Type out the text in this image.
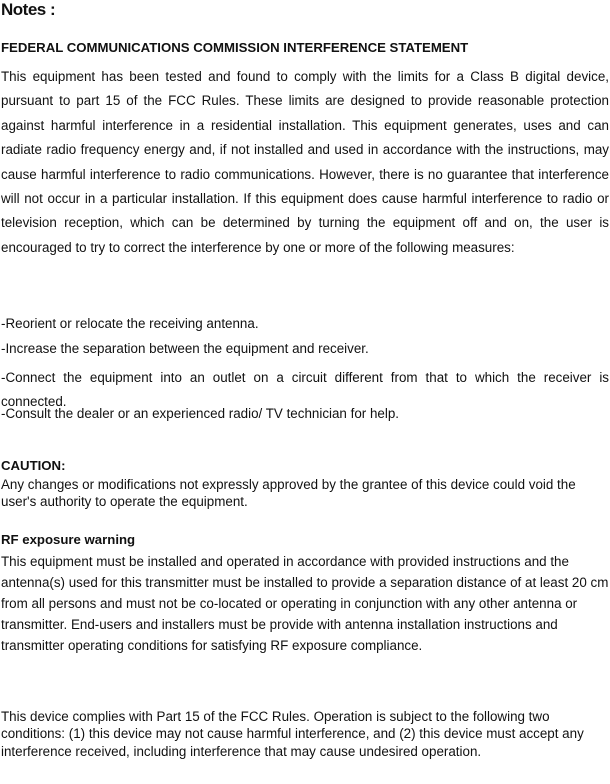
Notes :
FEDERAL COMMUNICATIONS COMMISSION INTERFERENCE STATEMENT

This equipment has been tested and found to comply with the limits for a Class B digital device, pursuant to part 15 of the FCC Rules. These limits are designed to provide reasonable protection against harmful interference in a residential installation. This equipment generates, uses and can radiate radio frequency energy and, if not installed and used in accordance with the instructions, may cause harmful interference to radio communications. However, there is no guarantee that interference will not occur in a particular installation. If this equipment does cause harmful interference to radio or television reception, which can be determined by turning the equipment off and on, the user is encouraged to try to correct the interference by one or more of the following measures:

-Reorient or relocate the receiving antenna.

-Increase the separation between the equipment and receiver.

-Connect the equipment into an outlet on a circuit different from that to which the receiver is connected.

-Consult the dealer or an experienced radio/ TV technician for help.

CAUTION:

Any changes or modifications not expressly approved by the grantee of this device could void the user's authority to operate the equipment.

RF exposure warning

This equipment must be installed and operated in accordance with provided instructions and the antenna(s) used for this transmitter must be installed to provide a separation distance of at least 20 cm from all persons and must not be co-located or operating in conjunction with any other antenna or transmitter. End-users and installers must be provide with antenna installation instructions and transmitter operating conditions for satisfying RF exposure compliance.

This device complies with Part 15 of the FCC Rules. Operation is subject to the following two conditions: (1) this device may not cause harmful interference, and (2) this device must accept any interference received, including interference that may cause undesired operation.
